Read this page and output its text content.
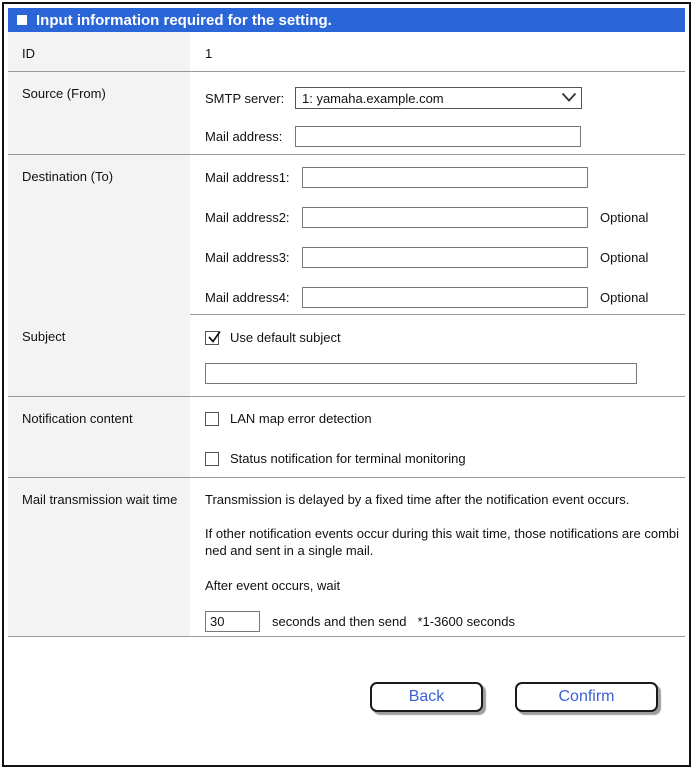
Input information required for the setting.
ID	1
Source (From)	SMTP server:	1: yamaha.example.com
Mail address:
Destination (To)	Mail address1:
Mail address2:	Optional
Mail address3:	Optional
Mail address4:	Optional
Subject	Use default subject
Notification content	LAN map error detection
Status notification for terminal monitoring
Mail transmission wait time	Transmission is delayed by a fixed time after the notification event occurs.
If other notification events occur during this wait time, those notifications are combined and sent in a single mail.
After event occurs, wait
30
seconds and then send *1-3600 seconds
Back	Confirm
